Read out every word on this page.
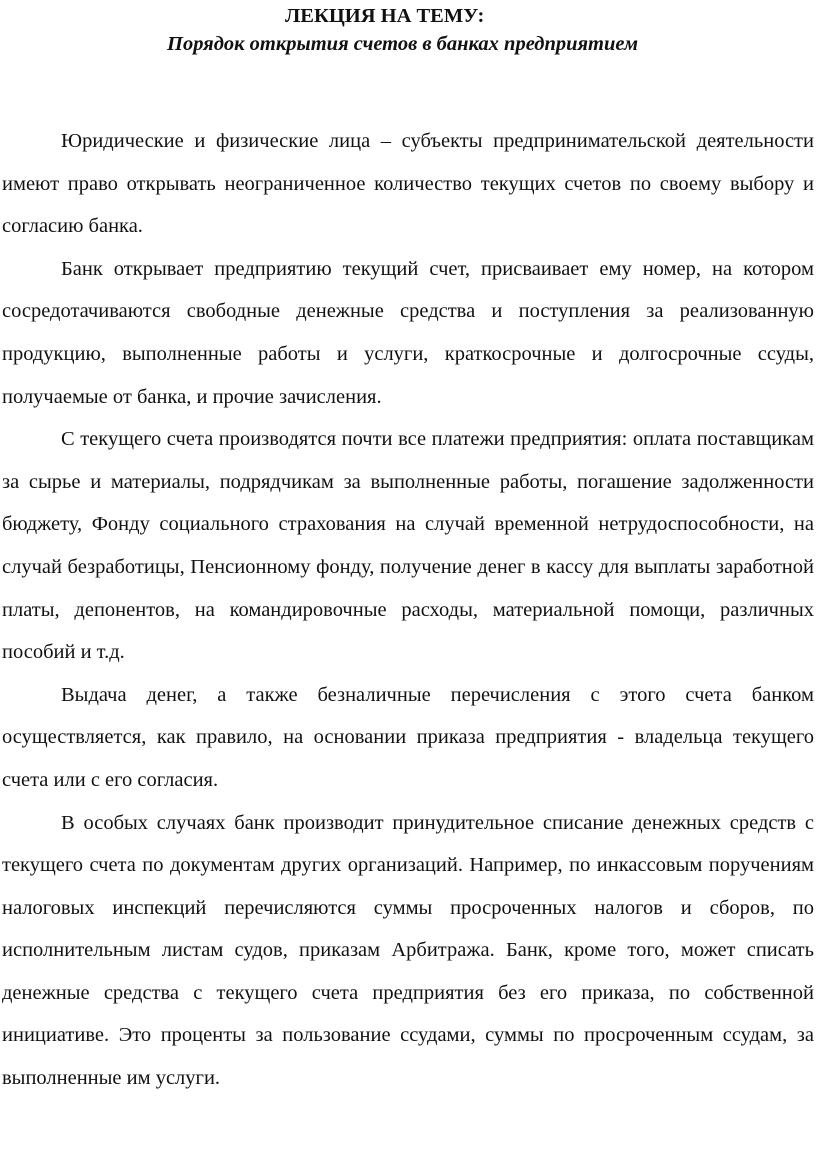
ЛЕКЦИЯ НА ТЕМУ:

Порядок открытия счетов в банках предприятием

Юридические и физические лица – субъекты предпринимательской деятельности имеют право открывать неограниченное количество текущих счетов по своему выбору и согласию банка.

Банк открывает предприятию текущий счет, присваивает ему номер, на котором сосредотачиваются свободные денежные средства и поступления за реализованную продукцию, выполненные работы и услуги, краткосрочные и долгосрочные ссуды, получаемые от банка, и прочие зачисления.

С текущего счета производятся почти все платежи предприятия: оплата поставщикам за сырье и материалы, подрядчикам за выполненные работы, погашение задолженности бюджету, Фонду социального страхования на случай временной нетрудоспособности, на случай безработицы, Пенсионному фонду, получение денег в кассу для выплаты заработной платы, депонентов, на командировочные расходы, материальной помощи, различных пособий и т.д.

Выдача денег, а также безналичные перечисления с этого счета банком осуществляется, как правило, на основании приказа предприятия - владельца текущего счета или с его согласия.

В особых случаях банк производит принудительное списание денежных средств с текущего счета по документам других организаций. Например, по инкассовым поручениям налоговых инспекций перечисляются суммы просроченных налогов и сборов, по исполнительным листам судов, приказам Арбитража. Банк, кроме того, может списать денежные средства с текущего счета предприятия без его приказа, по собственной инициативе. Это проценты за пользование ссудами, суммы по просроченным ссудам, за выполненные им услуги.
